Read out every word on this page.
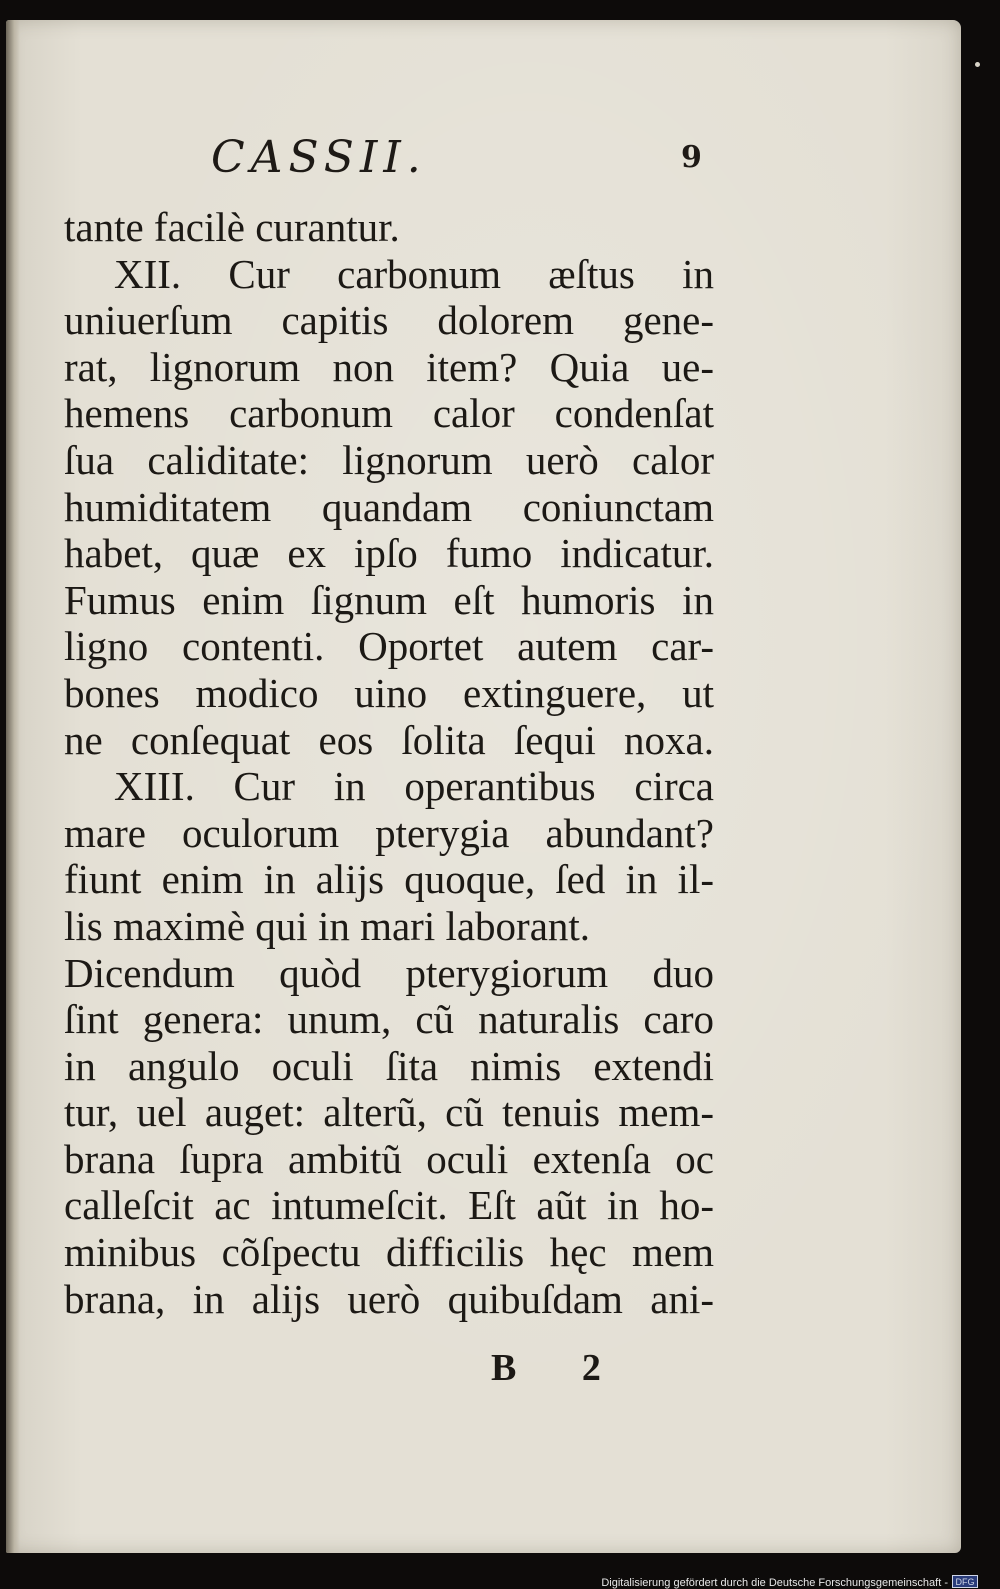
CASSII.	9
tante facilè curantur.
XII. Cur carbonum æſtus in
uniuerſum capitis dolorem gene-
rat, lignorum non item? Quia ue-
hemens carbonum calor condenſat
ſua caliditate: lignorum uerò calor
humiditatem quandam coniunctam
habet, quæ ex ipſo fumo indicatur.
Fumus enim ſignum eſt humoris in
ligno contenti. Oportet autem car-
bones modico uino extinguere, ut
ne conſequat eos ſolita ſequi noxa.
XIII. Cur in operantibus circa
mare oculorum pterygia abundant?
fiunt enim in alijs quoque, ſed in il-
lis maximè qui in mari laborant.
Dicendum quòd pterygiorum duo
ſint genera: unum, cũ naturalis caro
in angulo oculi ſita nimis extendi
tur, uel auget: alterũ, cũ tenuis mem-
brana ſupra ambitũ oculi extenſa oc
calleſcit ac intumeſcit. Eſt aũt in ho-
minibus cõſpectu difficilis hęc mem
brana, in alijs uerò quibuſdam ani-
B 2
Digitalisierung gefördert durch die Deutsche Forschungsgemeinschaft - DFG
